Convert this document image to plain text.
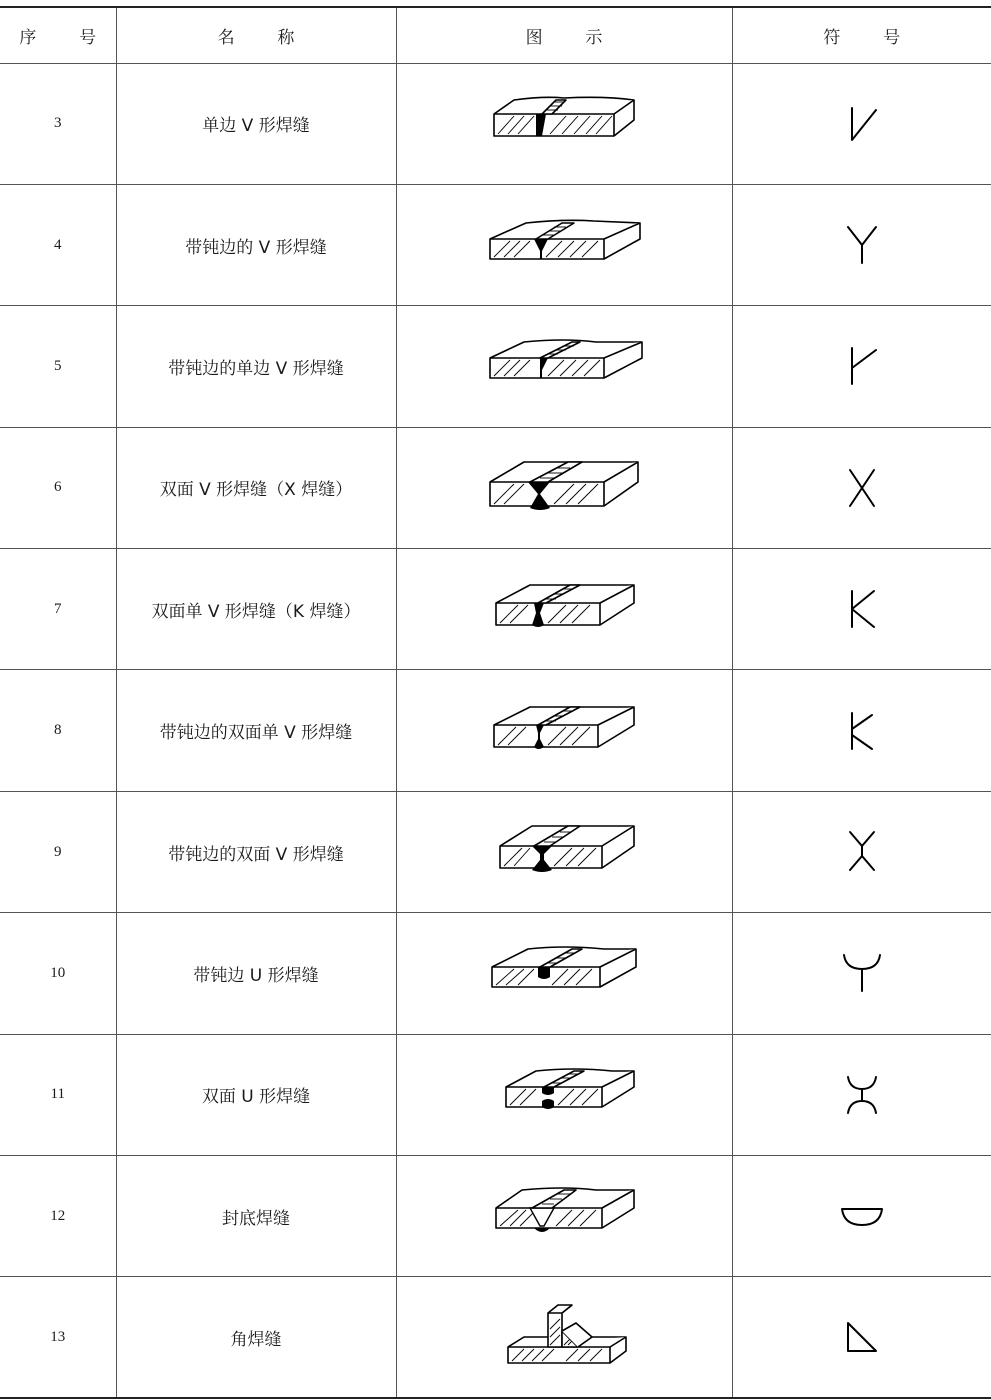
序 号	名 称	图 示	符 号
3	单边 V 形焊缝	

4	带钝边的 V 形焊缝	

5	带钝边的单边 V 形焊缝	

6	双面 V 形焊缝（X 焊缝）	

7	双面单 V 形焊缝（K 焊缝）	

8	带钝边的双面单 V 形焊缝	

9	带钝边的双面 V 形焊缝	

10	带钝边 U 形焊缝	

11	双面 U 形焊缝	

12	封底焊缝	

13	角焊缝	
